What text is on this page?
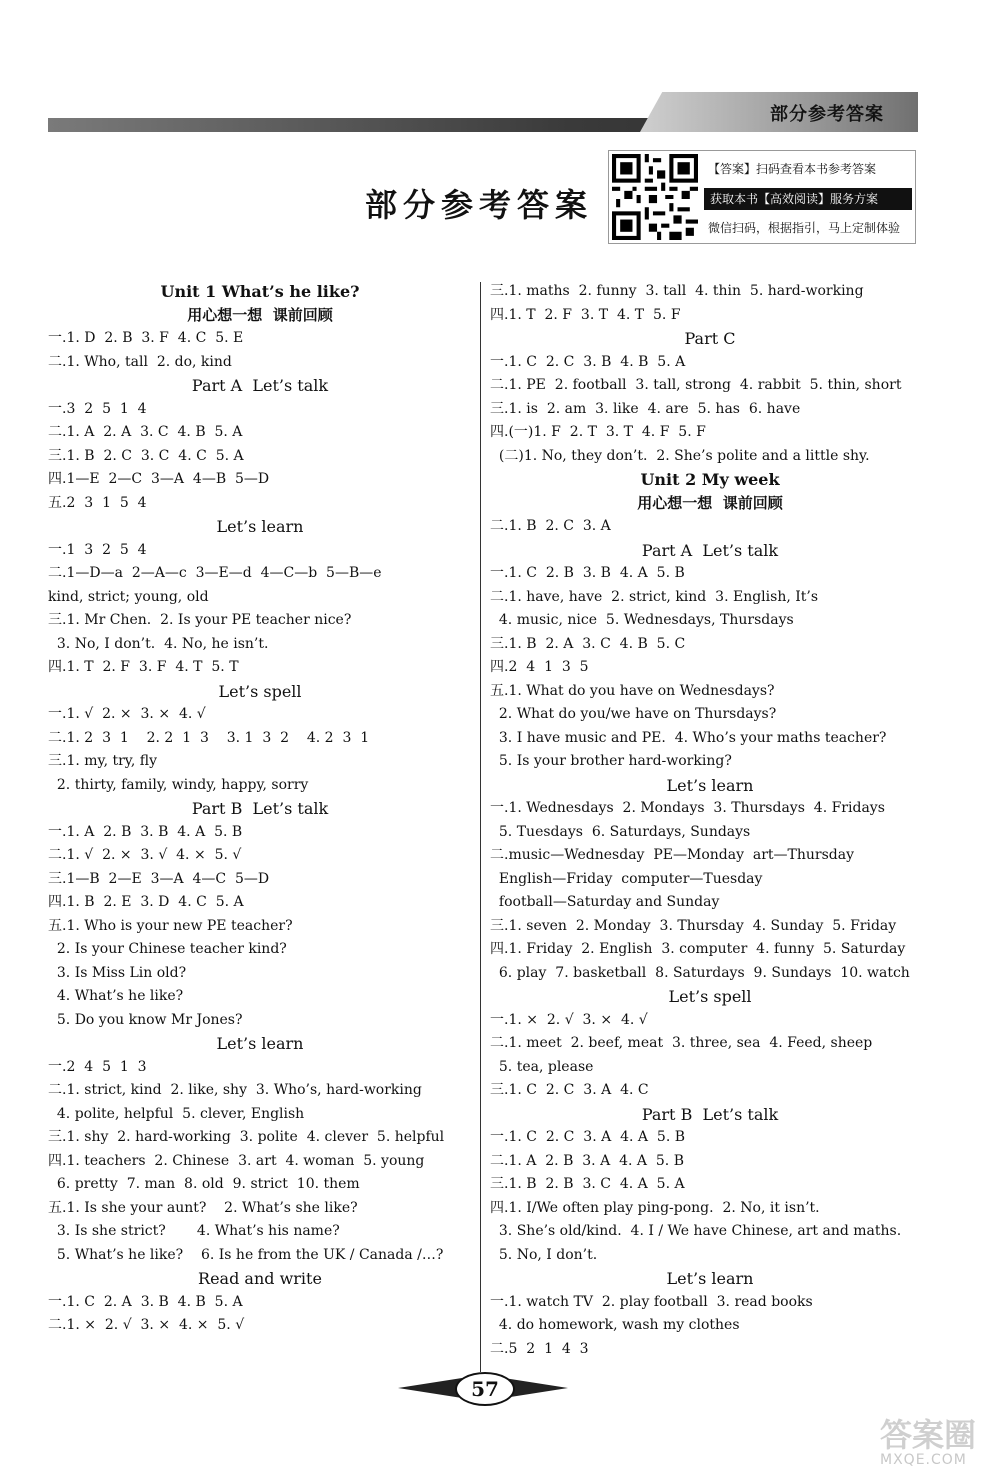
部分参考答案
部分参考答案
【答案】扫码查看本书参考答案
获取本书【高效阅读】服务方案
微信扫码，根据指引，马上定制体验
Unit 1 What’s he like?
用心想一想  课前回顾
一.1. D  2. B  3. F  4. C  5. E
二.1. Who, tall  2. do, kind
Part A  Let’s talk
一.3  2  5  1  4
二.1. A  2. A  3. C  4. B  5. A
三.1. B  2. C  3. C  4. C  5. A
四.1—E  2—C  3—A  4—B  5—D
五.2  3  1  5  4
Let’s learn
一.1  3  2  5  4
二.1—D—a  2—A—c  3—E—d  4—C—b  5—B—e
kind, strict; young, old
三.1. Mr Chen.  2. Is your PE teacher nice?
3. No, I don’t.  4. No, he isn’t.
四.1. T  2. F  3. F  4. T  5. T
Let’s spell
一.1. √  2. ×  3. ×  4. √
二.1. 2  3  1    2. 2  1  3    3. 1  3  2    4. 2  3  1
三.1. my, try, fly
2. thirty, family, windy, happy, sorry
Part B  Let’s talk
一.1. A  2. B  3. B  4. A  5. B
二.1. √  2. ×  3. √  4. ×  5. √
三.1—B  2—E  3—A  4—C  5—D
四.1. B  2. E  3. D  4. C  5. A
五.1. Who is your new PE teacher?
2. Is your Chinese teacher kind?
3. Is Miss Lin old?
4. What’s he like?
5. Do you know Mr Jones?
Let’s learn
一.2  4  5  1  3
二.1. strict, kind  2. like, shy  3. Who’s, hard-working
4. polite, helpful  5. clever, English
三.1. shy  2. hard-working  3. polite  4. clever  5. helpful
四.1. teachers  2. Chinese  3. art  4. woman  5. young
6. pretty  7. man  8. old  9. strict  10. them
五.1. Is she your aunt?    2. What’s she like?
3. Is she strict?       4. What’s his name?
5. What’s he like?    6. Is he from the UK / Canada /…?
Read and write
一.1. C  2. A  3. B  4. B  5. A
二.1. ×  2. √  3. ×  4. ×  5. √
三.1. maths  2. funny  3. tall  4. thin  5. hard-working
四.1. T  2. F  3. T  4. T  5. F
Part C
一.1. C  2. C  3. B  4. B  5. A
二.1. PE  2. football  3. tall, strong  4. rabbit  5. thin, short
三.1. is  2. am  3. like  4. are  5. has  6. have
四.(一)1. F  2. T  3. T  4. F  5. F
(二)1. No, they don’t.  2. She’s polite and a little shy.
Unit 2 My week
用心想一想  课前回顾
二.1. B  2. C  3. A
Part A  Let’s talk
一.1. C  2. B  3. B  4. A  5. B
二.1. have, have  2. strict, kind  3. English, It’s
4. music, nice  5. Wednesdays, Thursdays
三.1. B  2. A  3. C  4. B  5. C
四.2  4  1  3  5
五.1. What do you have on Wednesdays?
2. What do you/we have on Thursdays?
3. I have music and PE.  4. Who’s your maths teacher?
5. Is your brother hard-working?
Let’s learn
一.1. Wednesdays  2. Mondays  3. Thursdays  4. Fridays
5. Tuesdays  6. Saturdays, Sundays
二.music—Wednesday  PE—Monday  art—Thursday
English—Friday  computer—Tuesday
football—Saturday and Sunday
三.1. seven  2. Monday  3. Thursday  4. Sunday  5. Friday
四.1. Friday  2. English  3. computer  4. funny  5. Saturday
6. play  7. basketball  8. Saturdays  9. Sundays  10. watch
Let’s spell
一.1. ×  2. √  3. ×  4. √
二.1. meet  2. beef, meat  3. three, sea  4. Feed, sheep
5. tea, please
三.1. C  2. C  3. A  4. C
Part B  Let’s talk
一.1. C  2. C  3. A  4. A  5. B
二.1. A  2. B  3. A  4. A  5. B
三.1. B  2. B  3. C  4. A  5. A
四.1. I/We often play ping-pong.  2. No, it isn’t.
3. She’s old/kind.  4. I / We have Chinese, art and maths.
5. No, I don’t.
Let’s learn
一.1. watch TV  2. play football  3. read books
4. do homework, wash my clothes
二.5  2  1  4  3
57
答案圈
MXQE.COM
